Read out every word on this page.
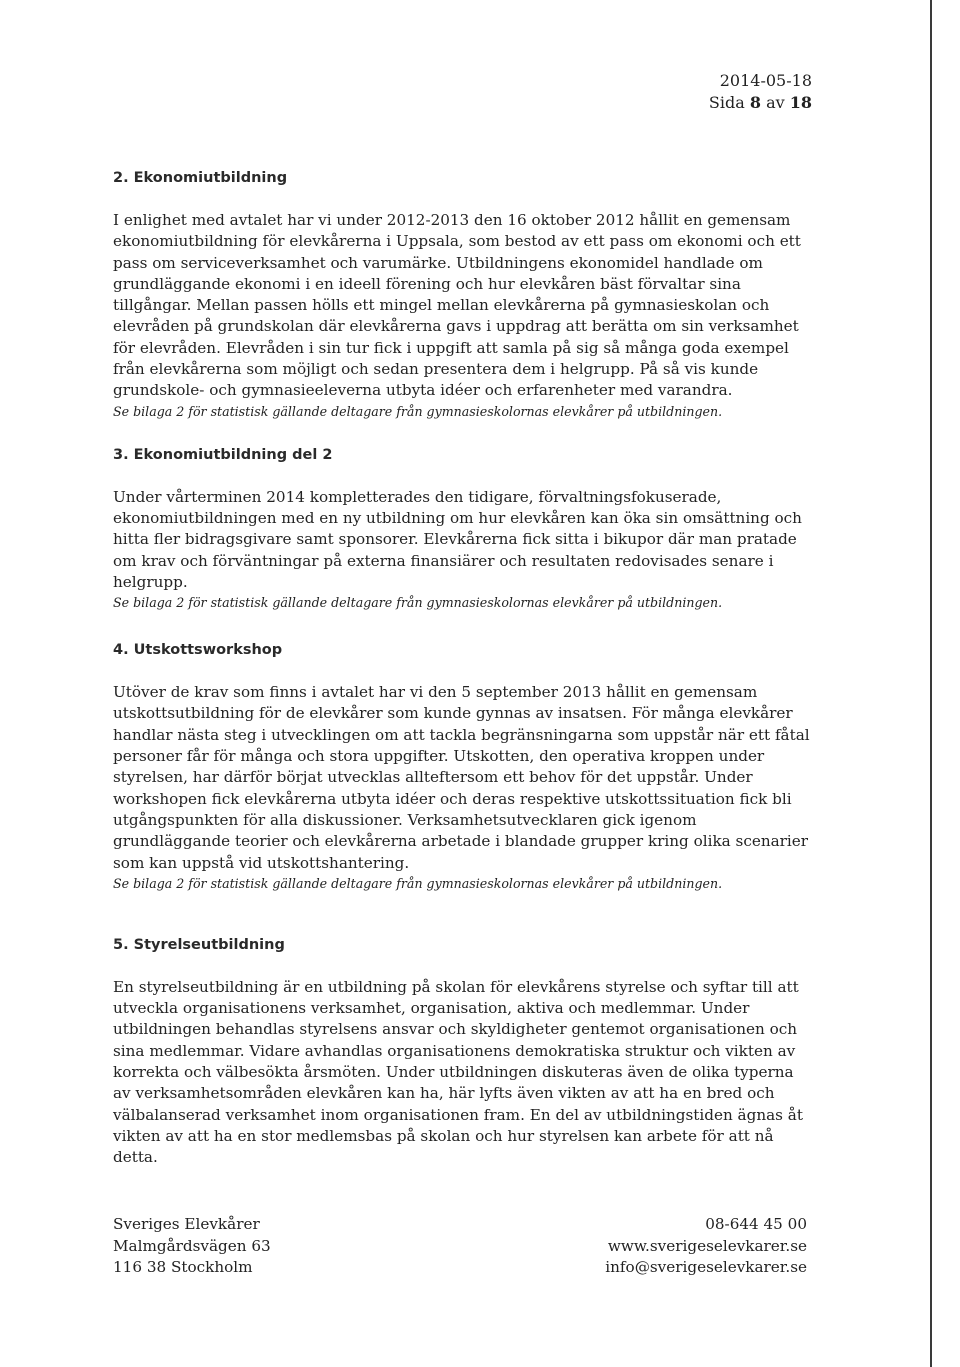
2014-05-18
Sida 8 av 18
2. Ekonomiutbildning

I enlighet med avtalet har vi under 2012-2013 den 16 oktober 2012 hållit en gemensam ekonomiutbildning för elevkårerna i Uppsala, som bestod av ett pass om ekonomi och ett pass om serviceverksamhet och varumärke. Utbildningens ekonomidel handlade om grundläggande ekonomi i en ideell förening och hur elevkåren bäst förvaltar sina tillgångar. Mellan passen hölls ett mingel mellan elevkårerna på gymnasieskolan och elevråden på grundskolan där elevkårerna gavs i uppdrag att berätta om sin verksamhet för elevråden. Elevråden i sin tur fick i uppgift att samla på sig så många goda exempel från elevkårerna som möjligt och sedan presentera dem i helgrupp. På så vis kunde grundskole- och gymnasieeleverna utbyta idéer och erfarenheter med varandra.

Se bilaga 2 för statistisk gällande deltagare från gymnasieskolornas elevkårer på utbildningen.

3. Ekonomiutbildning del 2

Under vårterminen 2014 kompletterades den tidigare, förvaltningsfokuserade, ekonomiutbildningen med en ny utbildning om hur elevkåren kan öka sin omsättning och hitta fler bidragsgivare samt sponsorer. Elevkårerna fick sitta i bikupor där man pratade om krav och förväntningar på externa finansiärer och resultaten redovisades senare i helgrupp.

Se bilaga 2 för statistisk gällande deltagare från gymnasieskolornas elevkårer på utbildningen.

4. Utskottsworkshop

Utöver de krav som finns i avtalet har vi den 5 september 2013 hållit en gemensam utskottsutbildning för de elevkårer som kunde gynnas av insatsen. För många elevkårer handlar nästa steg i utvecklingen om att tackla begränsningarna som uppstår när ett fåtal personer får för många och stora uppgifter. Utskotten, den operativa kroppen under styrelsen, har därför börjat utvecklas allteftersom ett behov för det uppstår. Under workshopen fick elevkårerna utbyta idéer och deras respektive utskottssituation fick bli utgångspunkten för alla diskussioner. Verksamhetsutvecklaren gick igenom grundläggande teorier och elevkårerna arbetade i blandade grupper kring olika scenarier som kan uppstå vid utskottshantering.

Se bilaga 2 för statistisk gällande deltagare från gymnasieskolornas elevkårer på utbildningen.

5. Styrelseutbildning

En styrelseutbildning är en utbildning på skolan för elevkårens styrelse och syftar till att utveckla organisationens verksamhet, organisation, aktiva och medlemmar. Under utbildningen behandlas styrelsens ansvar och skyldigheter gentemot organisationen och sina medlemmar. Vidare avhandlas organisationens demokratiska struktur och vikten av korrekta och välbesökta årsmöten. Under utbildningen diskuteras även de olika typerna av verksamhetsområden elevkåren kan ha, här lyfts även vikten av att ha en bred och välbalanserad verksamhet inom organisationen fram. En del av utbildningstiden ägnas åt vikten av att ha en stor medlemsbas på skolan och hur styrelsen kan arbete för att nå detta.

Sveriges Elevkårer
Malmgårdsvägen 63
116 38 Stockholm
08-644 45 00
www.sverigeselevkarer.se
info@sverigeselevkarer.se
